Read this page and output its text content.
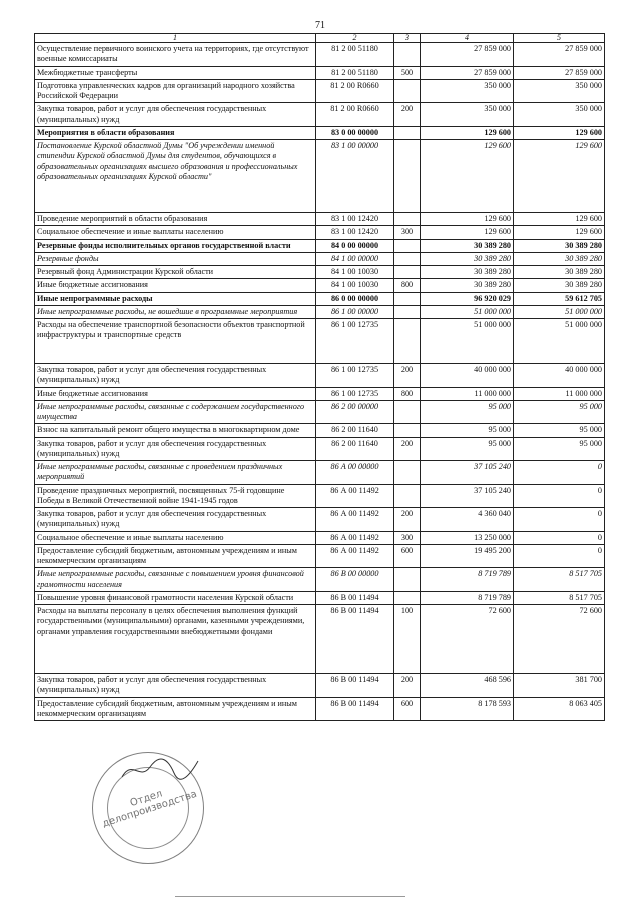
71
1	2	3	4	5
Осуществление первичного воинского учета на территориях, где отсутствуют военные комиссариаты	81 2 00 51180		27 859 000	27 859 000
Межбюджетные трансферты	81 2 00 51180	500	27 859 000	27 859 000
Подготовка управленческих кадров для организаций народного хозяйства Российской Федерации	81 2 00 R0660		350 000	350 000
Закупка товаров, работ и услуг для обеспечения государственных (муниципальных) нужд	81 2 00 R0660	200	350 000	350 000
Мероприятия в области образования	83 0 00 00000		129 600	129 600
Постановление Курской областной Думы "Об учреждении именной стипендии Курской областной Думы для студентов, обучающихся в образовательных организациях высшего образования и профессиональных образовательных организациях Курской области"	83 1 00 00000		129 600	129 600
Проведение мероприятий в области образования	83 1 00 12420		129 600	129 600
Социальное обеспечение и иные выплаты населению	83 1 00 12420	300	129 600	129 600
Резервные фонды исполнительных органов государственной власти	84 0 00 00000		30 389 280	30 389 280
Резервные фонды	84 1 00 00000		30 389 280	30 389 280
Резервный фонд Администрации Курской области	84 1 00 10030		30 389 280	30 389 280
Иные бюджетные ассигнования	84 1 00 10030	800	30 389 280	30 389 280
Иные непрограммные расходы	86 0 00 00000		96 920 029	59 612 705
Иные непрограммные расходы, не вошедшие в программные мероприятия	86 1 00 00000		51 000 000	51 000 000
Расходы на обеспечение транспортной безопасности объектов транспортной инфраструктуры и транспортные средств	86 1 00 12735		51 000 000	51 000 000
Закупка товаров, работ и услуг для обеспечения государственных (муниципальных) нужд	86 1 00 12735	200	40 000 000	40 000 000
Иные бюджетные ассигнования	86 1 00 12735	800	11 000 000	11 000 000
Иные непрограммные расходы, связанные с содержанием государственного имущества	86 2 00 00000		95 000	95 000
Взнос на капитальный ремонт общего имущества в многоквартирном доме	86 2 00 11640		95 000	95 000
Закупка товаров, работ и услуг для обеспечения государственных (муниципальных) нужд	86 2 00 11640	200	95 000	95 000
Иные непрограммные расходы, связанные с проведением праздничных мероприятий	86 А 00 00000		37 105 240	0
Проведение праздничных мероприятий, посвященных 75-й годовщине Победы в Великой Отечественной войне 1941-1945 годов	86 А 00 11492		37 105 240	0
Закупка товаров, работ и услуг для обеспечения государственных (муниципальных) нужд	86 А 00 11492	200	4 360 040	0
Социальное обеспечение и иные выплаты населению	86 А 00 11492	300	13 250 000	0
Предоставление субсидий бюджетным, автономным учреждениям и иным некоммерческим организациям	86 А 00 11492	600	19 495 200	0
Иные непрограммные расходы, связанные с повышением уровня финансовой грамотности населения	86 В 00 00000		8 719 789	8 517 705
Повышение уровня финансовой грамотности населения Курской области	86 В 00 11494		8 719 789	8 517 705
Расходы на выплаты персоналу в целях обеспечения выполнения функций государственными (муниципальными) органами, казенными учреждениями, органами управления государственными внебюджетными фондами	86 В 00 11494	100	72 600	72 600
Закупка товаров, работ и услуг для обеспечения государственных (муниципальных) нужд	86 В 00 11494	200	468 596	381 700
Предоставление субсидий бюджетным, автономным учреждениям и иным некоммерческим организациям	86 В 00 11494	600	8 178 593	8 063 405
Отдел делопроизводства
